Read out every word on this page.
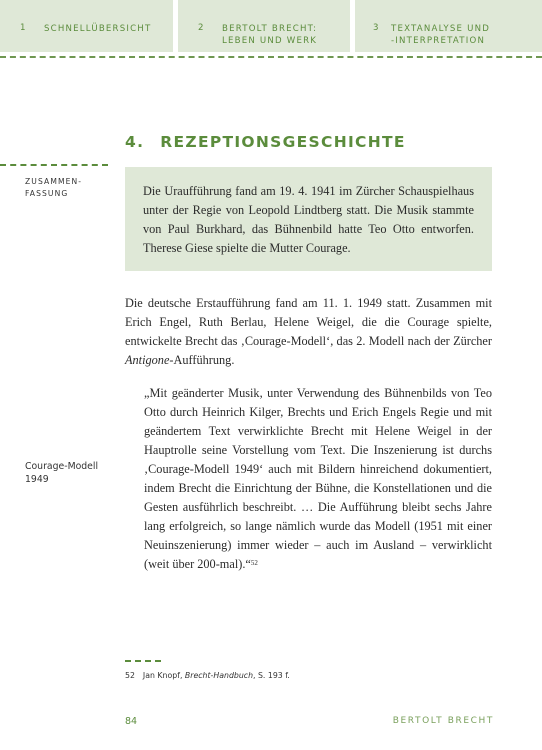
1 SCHNELLÜBERSICHT	2 BERTOLT BRECHT:
LEBEN UND WERK
3 TEXTANALYSE UND
-INTERPRETATION
4. REZEPTIONSGESCHICHTE
ZUSAMMEN-
FASSUNG	Die Uraufführung fand am 19. 4. 1941 im Zürcher Schauspielhaus unter der Regie von Leopold Lindtberg statt. Die Musik stammte von Paul Burkhard, das Bühnenbild hatte Teo Otto entworfen. Therese Giese spielte die Mutter Courage.

Die deutsche Erstaufführung fand am 11. 1. 1949 statt. Zusammen mit Erich Engel, Ruth Berlau, Helene Weigel, die die Courage spielte, entwickelte Brecht das ‚Courage-Modell‘, das 2. Modell nach der Zürcher Antigone-Aufführung.

„Mit geänderter Musik, unter Verwendung des Bühnenbilds von Teo Otto durch Heinrich Kilger, Brechts und Erich Engels Regie und mit geändertem Text verwirklichte Brecht mit Helene Weigel in der Hauptrolle seine Vorstellung vom Text. Die Inszenierung ist durchs ‚Courage-Modell 1949‘ auch mit Bildern hinreichend dokumentiert, indem Brecht die Einrichtung der Bühne, die Konstellationen und die Gesten ausführlich beschreibt. … Die Aufführung bleibt sechs Jahre lang erfolgreich, so lange nämlich wurde das Modell (1951 mit einer Neuinszenierung) immer wieder – auch im Ausland – verwirklicht (weit über 200-mal).“$^{52}$

Courage-Modell
1949
52 Jan Knopf, Brecht-Handbuch, S. 193 f.
84	BERTOLT BRECHT
